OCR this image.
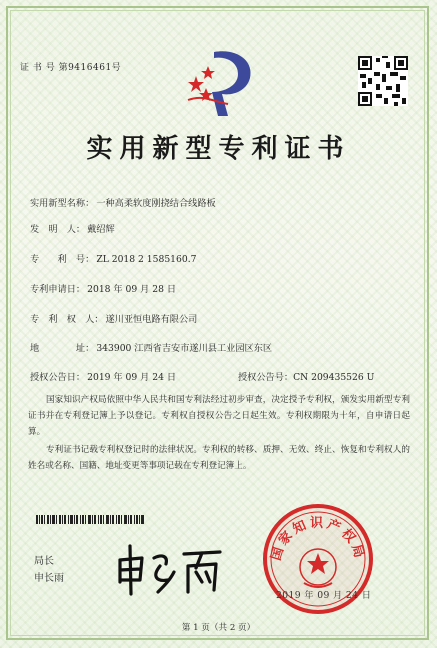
证 书 号 第9416461号
实用新型专利证书
实用新型名称： 一种高柔软度刚挠结合线路板
发　明　人： 戴绍辉
专　　利　号： ZL 2018 2 1585160.7
专利申请日： 2018 年 09 月 28 日
专　利　权　人： 遂川亚恒电路有限公司
地　　　　址： 343900 江西省吉安市遂川县工业园区东区
授权公告日： 2019 年 09 月 24 日	授权公告号：CN 209435526 U
国家知识产权局依照中华人民共和国专利法经过初步审查，决定授予专利权，颁发实用新型专利证书并在专利登记簿上予以登记。专利权自授权公告之日起生效。专利权期限为十年，自申请日起算。
专利证书记载专利权登记时的法律状况。专利权的转移、质押、无效、终止、恢复和专利权人的姓名或名称、国籍、地址变更等事项记载在专利登记簿上。
局长
申长雨
国家知识产权局
2019 年 09 月 24 日
第 1 页（共 2 页）
